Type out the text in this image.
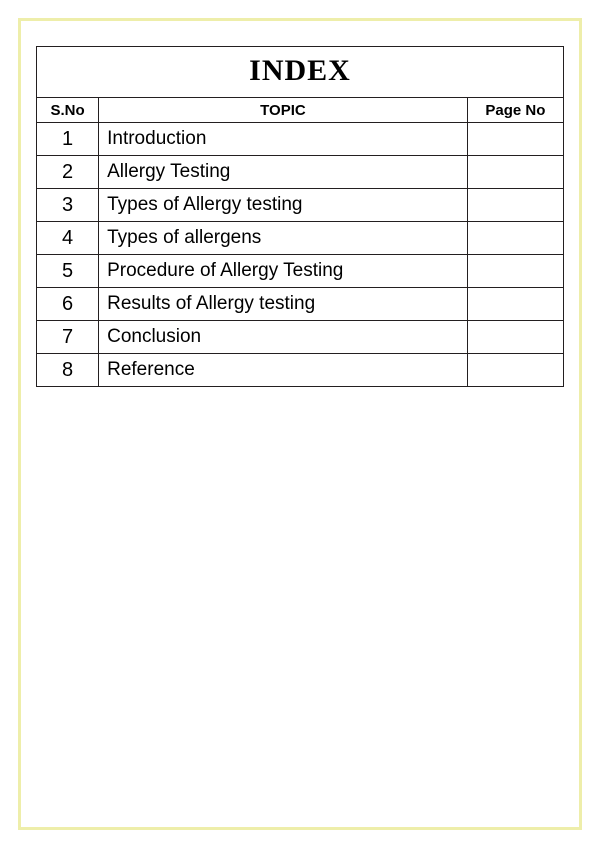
INDEX		
S.No	TOPIC	Page No
1	Introduction	
2	Allergy Testing	
3	Types of Allergy testing	
4	Types of allergens	
5	Procedure of Allergy Testing	
6	Results of Allergy testing	
7	Conclusion	
8	Reference	
